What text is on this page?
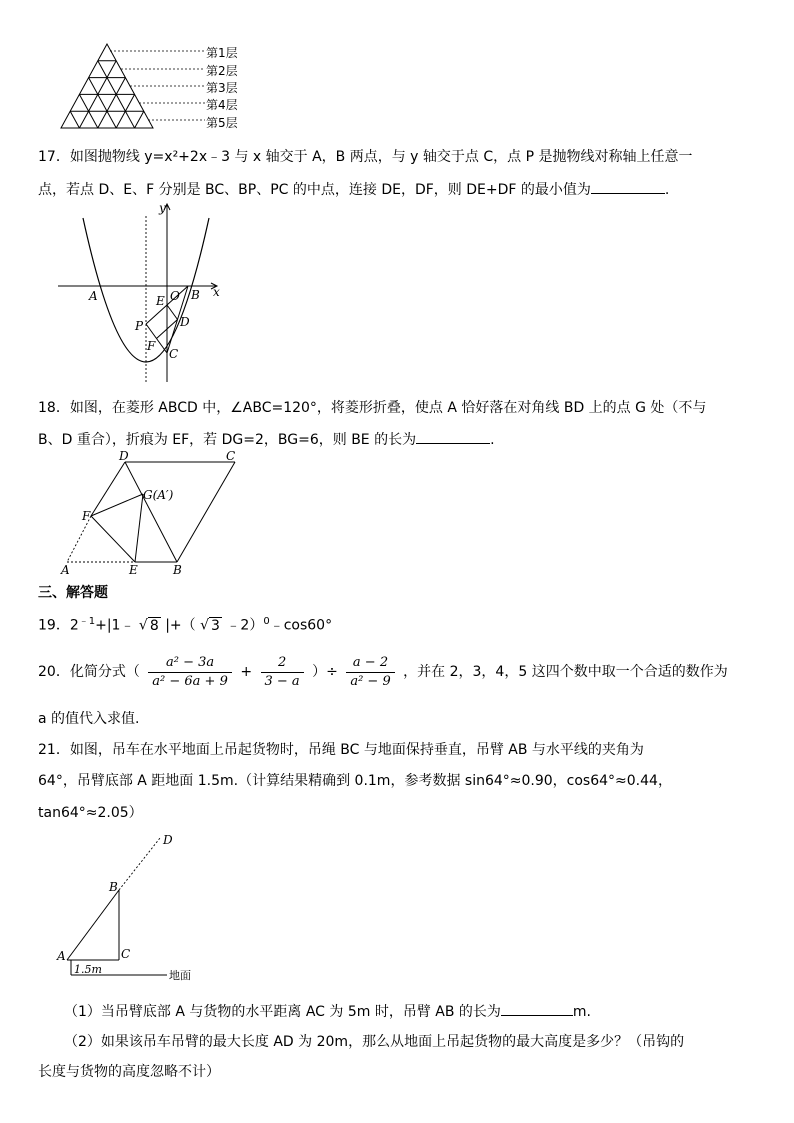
第1层
第2层
第3层
第4层
第5层
17．如图抛物线 y=x²+2x﹣3 与 x 轴交于 A，B 两点，与 y 轴交于点 C，点 P 是抛物线对称轴上任意一
点，若点 D、E、F 分别是 BC、BP、PC 的中点，连接 DE，DF，则 DE+DF 的最小值为	.
A	O B
E
D
P
F
C
y
x
18．如图，在菱形 ABCD 中，∠ABC=120°，将菱形折叠，使点 A 恰好落在对角线 BD 上的点 G 处（不与
B、D 重合），折痕为 EF，若 DG=2，BG=6，则 BE 的长为	.
D	C
G(A′)
F
A	E	B
三、解答题
19．$2^{﹣1}+|1﹣$ √ 8 |+（ √ 3 ﹣2）$^0$﹣cos60°
20．化简分式（ $\frac{\text{a² − 3a}}{\text{a² − 6a + 9}} + \frac{2}{3 - a}$ ）÷ $\frac{a - 2}{\text{a² − 9}}$ ，并在 2，3，4，5 这四个数中取一个合适的数作为
a 的值代入求值.
21．如图，吊车在水平地面上吊起货物时，吊绳 BC 与地面保持垂直，吊臂 AB 与水平线的夹角为
64°，吊臂底部 A 距地面 1.5m.（计算结果精确到 0.1m，参考数据 sin64°≈0.90，cos64°≈0.44，
tan64°≈2.05）
D
B
A	C
1.5m	地面
（1）当吊臂底部 A 与货物的水平距离 AC 为 5m 时，吊臂 AB 的长为	m.
（2）如果该吊车吊臂的最大长度 AD 为 20m，那么从地面上吊起货物的最大高度是多少？（吊钩的
长度与货物的高度忽略不计）
